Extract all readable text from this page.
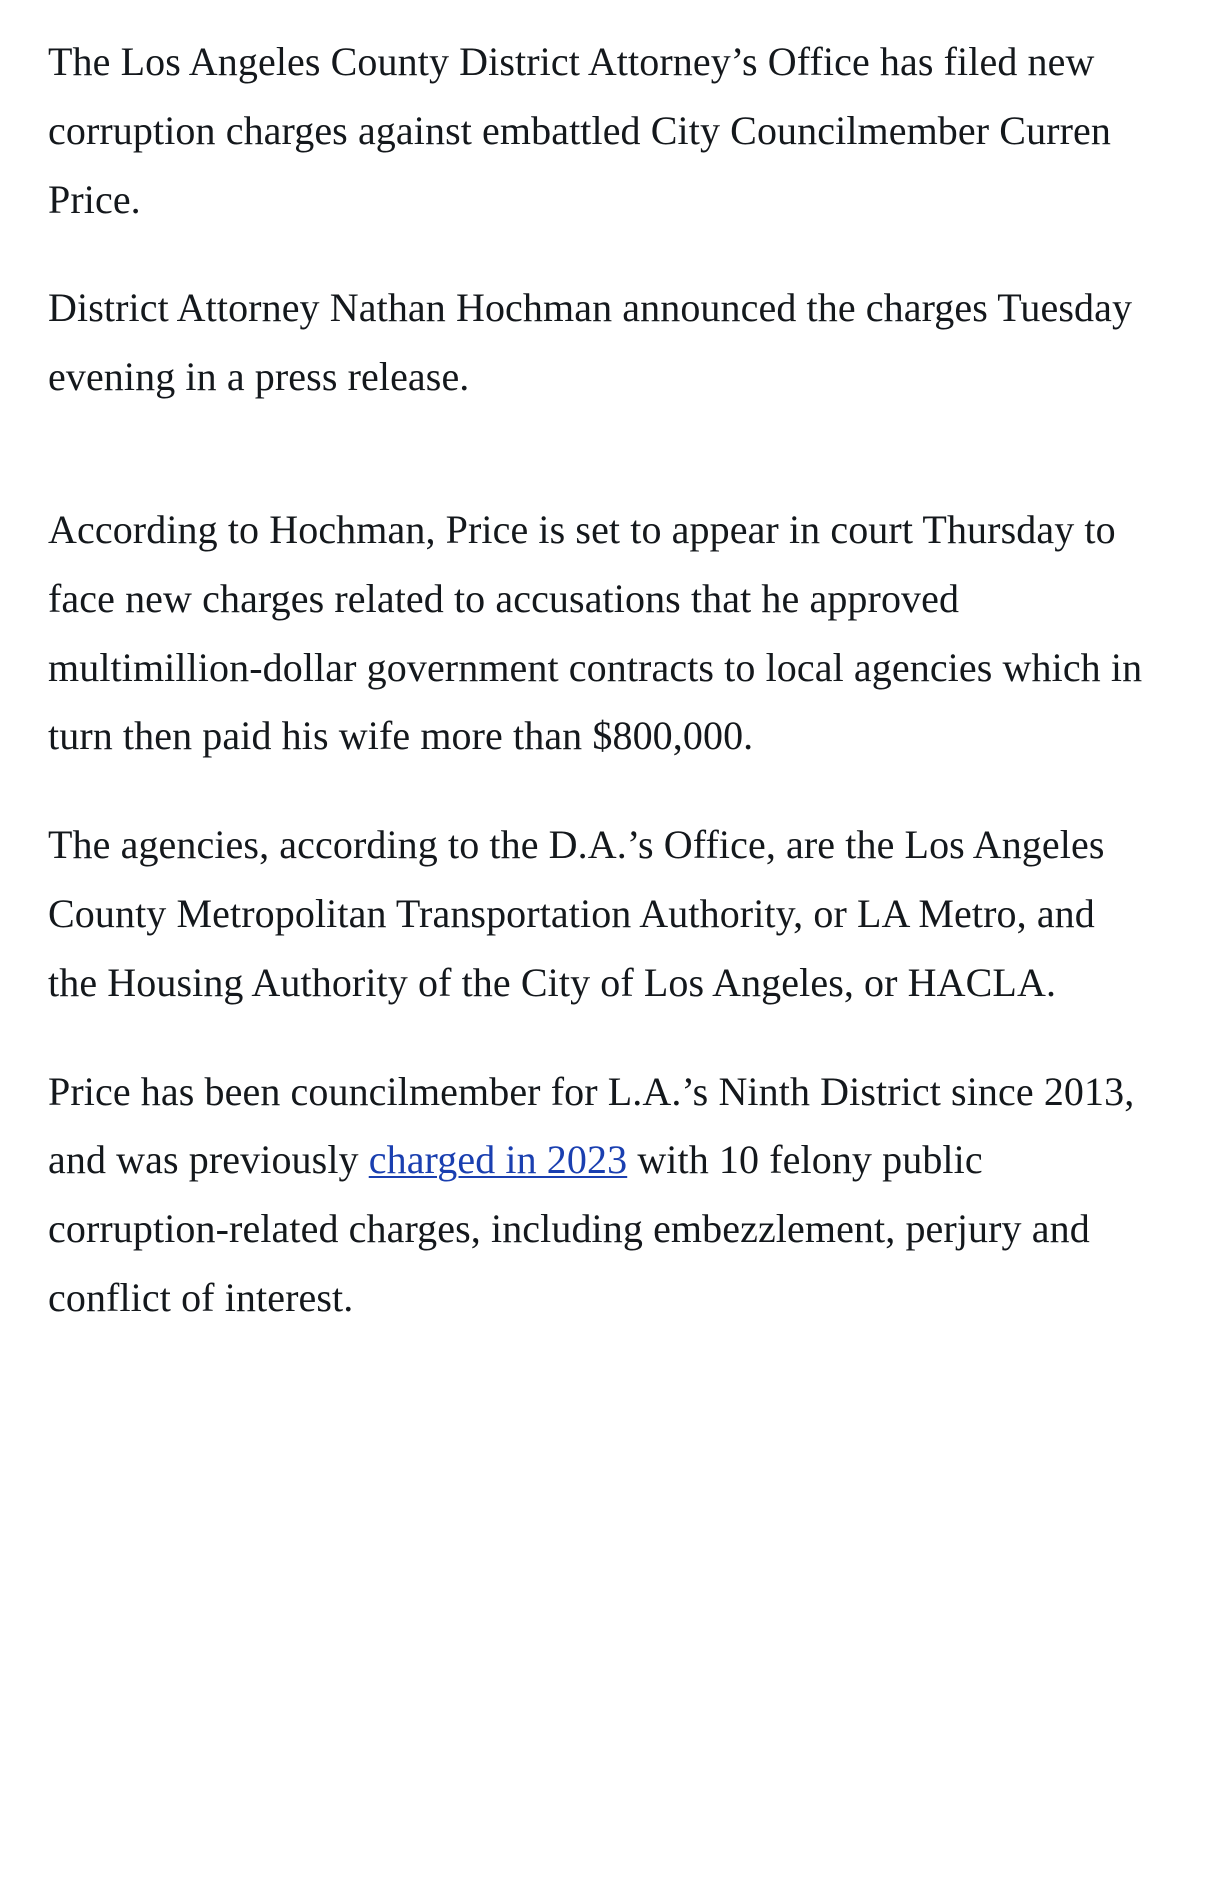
The Los Angeles County District Attorney’s Office has filed new corruption charges against embattled City Councilmember Curren Price.

District Attorney Nathan Hochman announced the charges Tuesday evening in a press release.

According to Hochman, Price is set to appear in court Thursday to face new charges related to accusations that he approved multimillion-dollar government contracts to local agencies which in turn then paid his wife more than $800,000.

The agencies, according to the D.A.’s Office, are the Los Angeles County Metropolitan Transportation Authority, or LA Metro, and the Housing Authority of the City of Los Angeles, or HACLA.

Price has been councilmember for L.A.’s Ninth District since 2013, and was previously charged in 2023 with 10 felony public corruption-related charges, including embezzlement, perjury and conflict of interest.
